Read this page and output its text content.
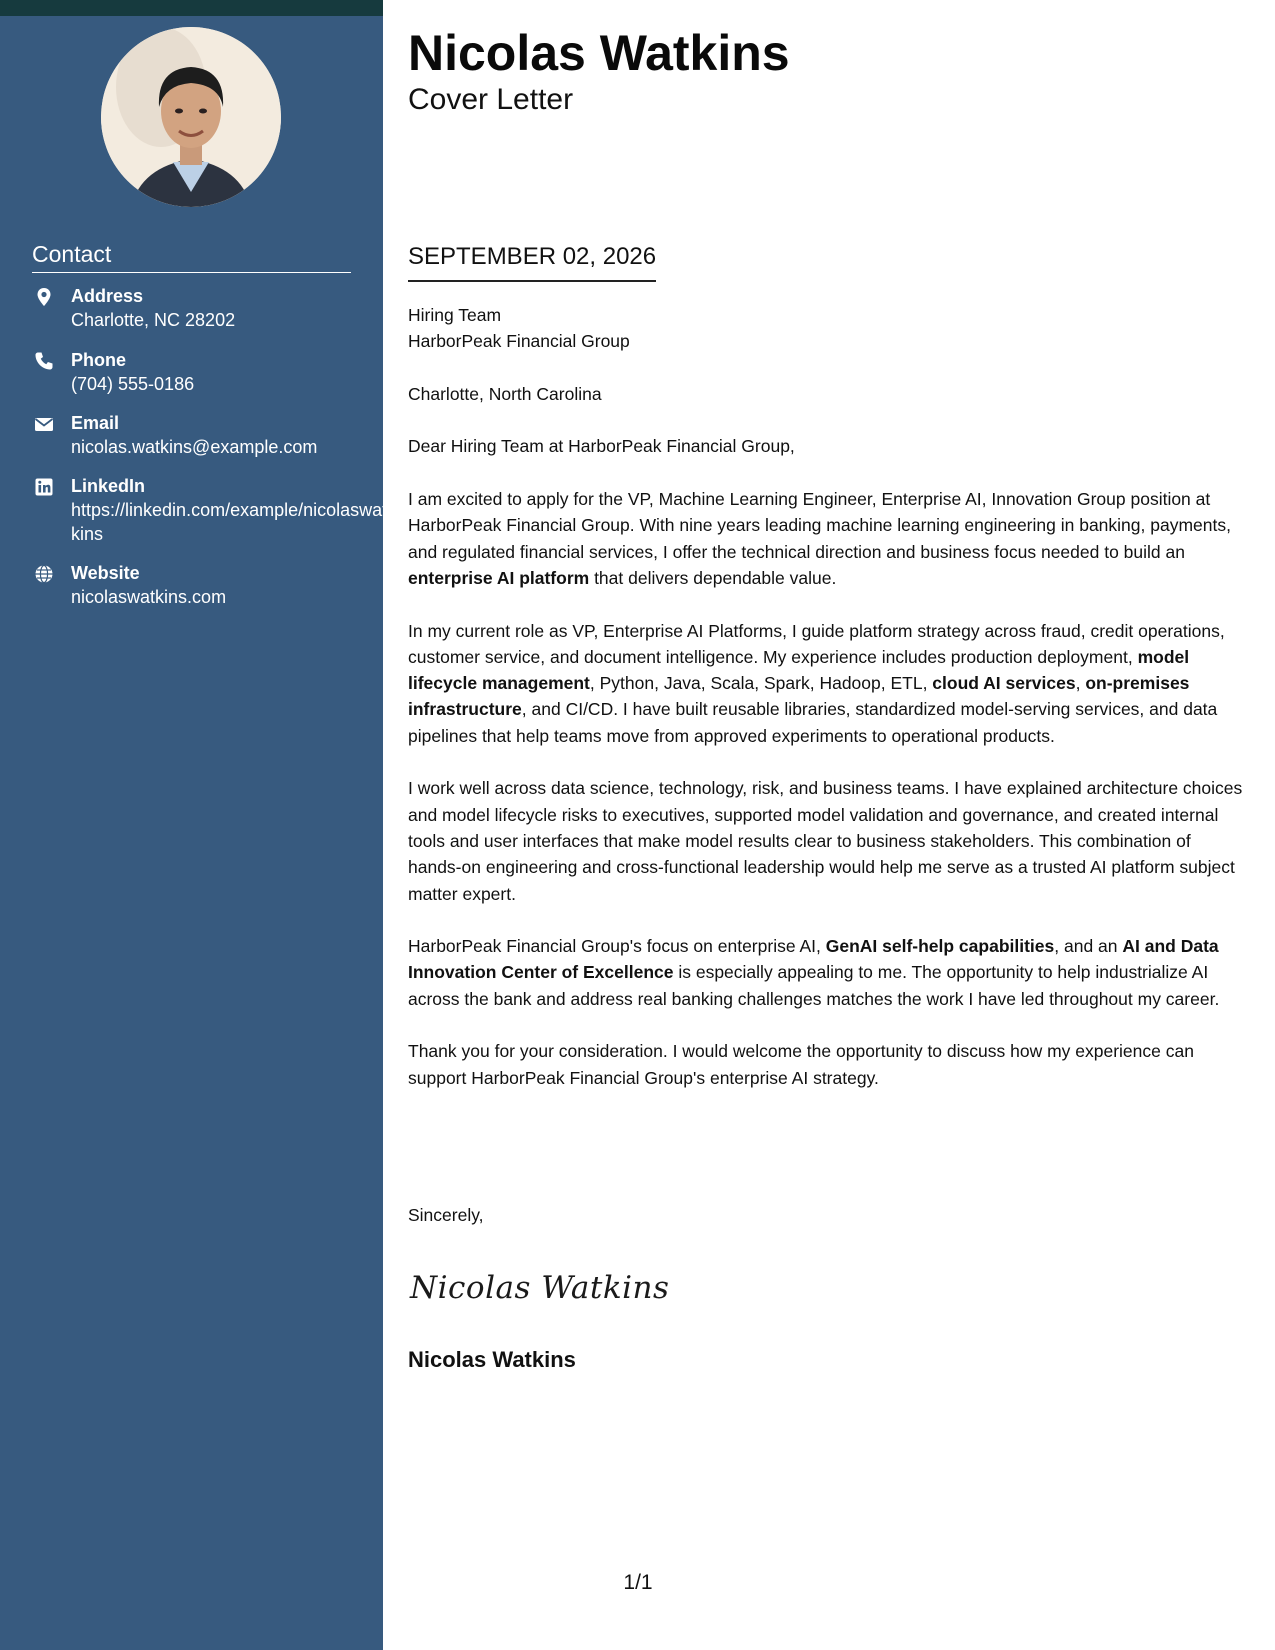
Contact
Address
Charlotte, NC 28202
Phone
(704) 555-0186
Email
nicolas.watkins@example.com
LinkedIn
https://linkedin.com/example/nicolaswatkins
Website
nicolaswatkins.com
Nicolas Watkins
Cover Letter
SEPTEMBER 02, 2026

Hiring Team

HarborPeak Financial Group

Charlotte, North Carolina

Dear Hiring Team at HarborPeak Financial Group,

I am excited to apply for the VP, Machine Learning Engineer, Enterprise AI, Innovation Group position at HarborPeak Financial Group. With nine years leading machine learning engineering in banking, payments, and regulated financial services, I offer the technical direction and business focus needed to build an enterprise AI platform that delivers dependable value.

In my current role as VP, Enterprise AI Platforms, I guide platform strategy across fraud, credit operations, customer service, and document intelligence. My experience includes production deployment, model lifecycle management, Python, Java, Scala, Spark, Hadoop, ETL, cloud AI services, on-premises infrastructure, and CI/CD. I have built reusable libraries, standardized model-serving services, and data pipelines that help teams move from approved experiments to operational products.

I work well across data science, technology, risk, and business teams. I have explained architecture choices and model lifecycle risks to executives, supported model validation and governance, and created internal tools and user interfaces that make model results clear to business stakeholders. This combination of hands-on engineering and cross-functional leadership would help me serve as a trusted AI platform subject matter expert.

HarborPeak Financial Group's focus on enterprise AI, GenAI self-help capabilities, and an AI and Data Innovation Center of Excellence is especially appealing to me. The opportunity to help industrialize AI across the bank and address real banking challenges matches the work I have led throughout my career.

Thank you for your consideration. I would welcome the opportunity to discuss how my experience can support HarborPeak Financial Group's enterprise AI strategy.

Sincerely,
Nicolas Watkins
Nicolas Watkins
1/1
